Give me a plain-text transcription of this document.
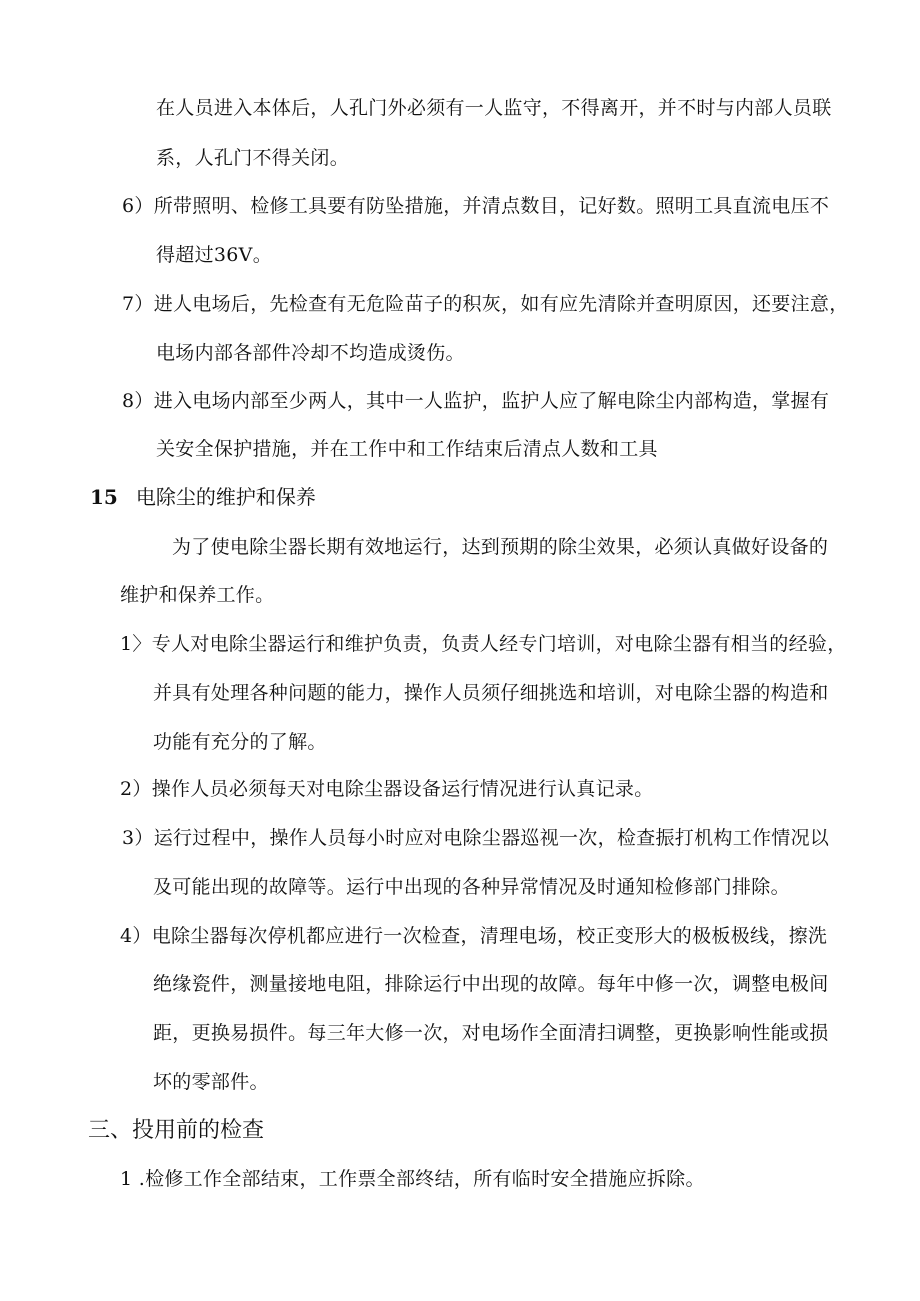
在人员进入本体后，人孔门外必须有一人监守，不得离开，并不时与内部人员联
系，人孔门不得关闭。
6）所带照明、检修工具要有防坠措施，并清点数目，记好数。照明工具直流电压不
得超过36V。
7）进人电场后，先检查有无危险苗子的积灰，如有应先清除并查明原因，还要注意，
电场内部各部件冷却不均造成烫伤。
8）进入电场内部至少两人，其中一人监护，监护人应了解电除尘内部构造，掌握有
关安全保护措施，并在工作中和工作结束后清点人数和工具
15 电除尘的维护和保养
为了使电除尘器长期有效地运行，达到预期的除尘效果，必须认真做好设备的
维护和保养工作。
1〉专人对电除尘器运行和维护负责，负责人经专门培训，对电除尘器有相当的经验，
并具有处理各种问题的能力，操作人员须仔细挑选和培训，对电除尘器的构造和
功能有充分的了解。
2）操作人员必须每天对电除尘器设备运行情况进行认真记录。
3）运行过程中，操作人员每小时应对电除尘器巡视一次，检查振打机构工作情况以
及可能出现的故障等。运行中出现的各种异常情况及时通知检修部门排除。
4）电除尘器每次停机都应进行一次检查，清理电场，校正变形大的极板极线，擦洗
绝缘瓷件，测量接地电阻，排除运行中出现的故障。每年中修一次，调整电极间
距，更换易损件。每三年大修一次，对电场作全面清扫调整，更换影响性能或损
坏的零部件。
三、投用前的检查
1 .检修工作全部结束，工作票全部终结，所有临时安全措施应拆除。
